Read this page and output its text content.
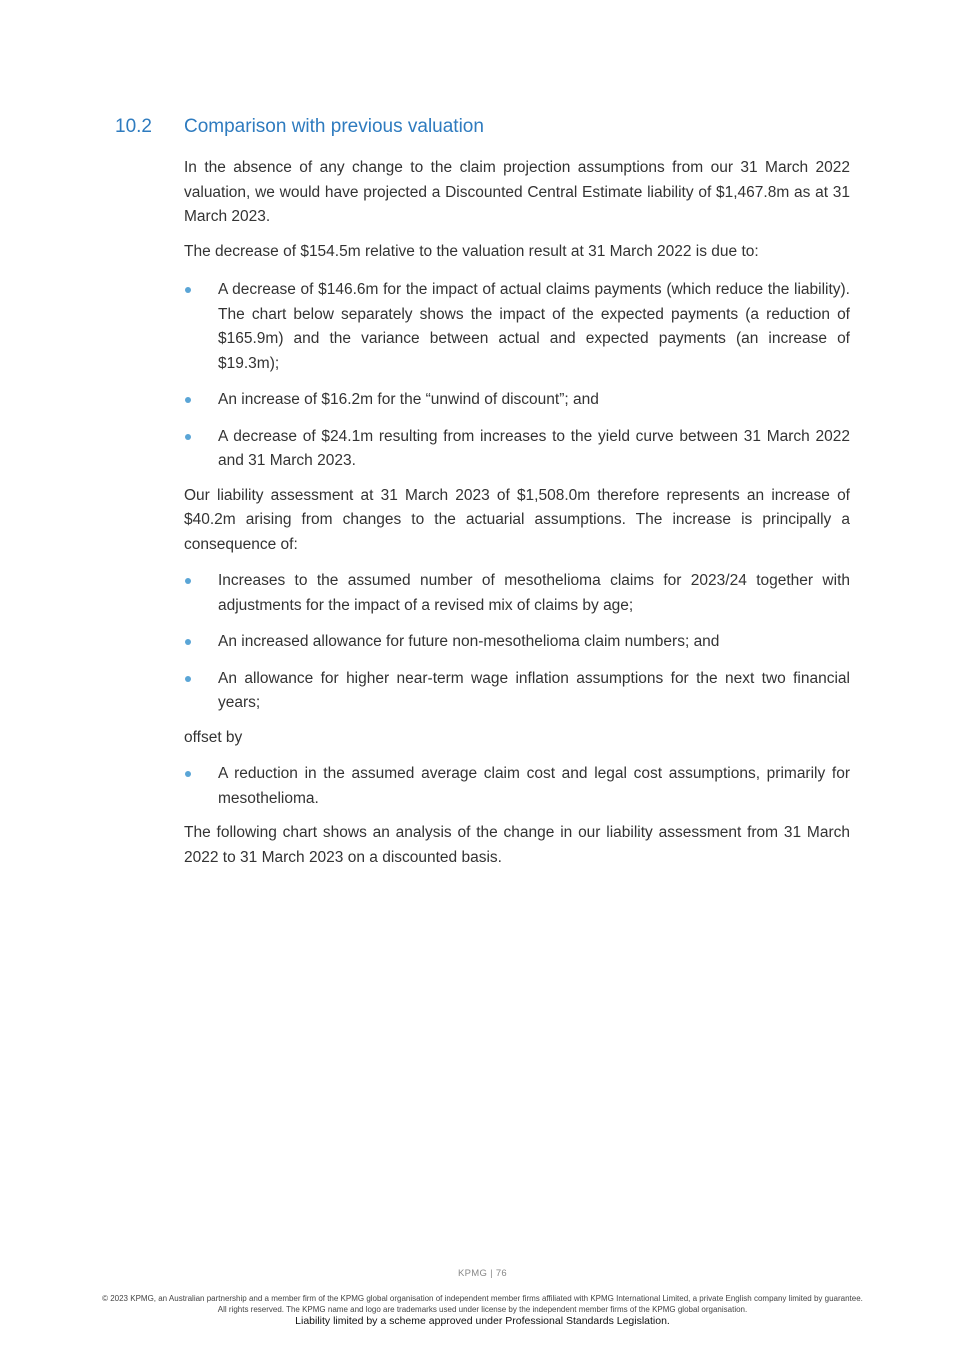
10.2	Comparison with previous valuation

In the absence of any change to the claim projection assumptions from our 31 March 2022 valuation, we would have projected a Discounted Central Estimate liability of $1,467.8m as at 31 March 2023.

The decrease of $154.5m relative to the valuation result at 31 March 2022 is due to:

A decrease of $146.6m for the impact of actual claims payments (which reduce the liability). The chart below separately shows the impact of the expected payments (a reduction of $165.9m) and the variance between actual and expected payments (an increase of $19.3m);
An increase of $16.2m for the “unwind of discount”; and
A decrease of $24.1m resulting from increases to the yield curve between 31 March 2022 and 31 March 2023.

Our liability assessment at 31 March 2023 of $1,508.0m therefore represents an increase of $40.2m arising from changes to the actuarial assumptions. The increase is principally a consequence of:

Increases to the assumed number of mesothelioma claims for 2023/24 together with adjustments for the impact of a revised mix of claims by age;
An increased allowance for future non-mesothelioma claim numbers; and
An allowance for higher near-term wage inflation assumptions for the next two financial years;

offset by

A reduction in the assumed average claim cost and legal cost assumptions, primarily for mesothelioma.

The following chart shows an analysis of the change in our liability assessment from 31 March 2022 to 31 March 2023 on a discounted basis.

KPMG | 76
© 2023 KPMG, an Australian partnership and a member firm of the KPMG global organisation of independent member firms affiliated with KPMG International Limited, a private English company limited by guarantee. All rights reserved. The KPMG name and logo are trademarks used under license by the independent member firms of the KPMG global organisation.
Liability limited by a scheme approved under Professional Standards Legislation.
